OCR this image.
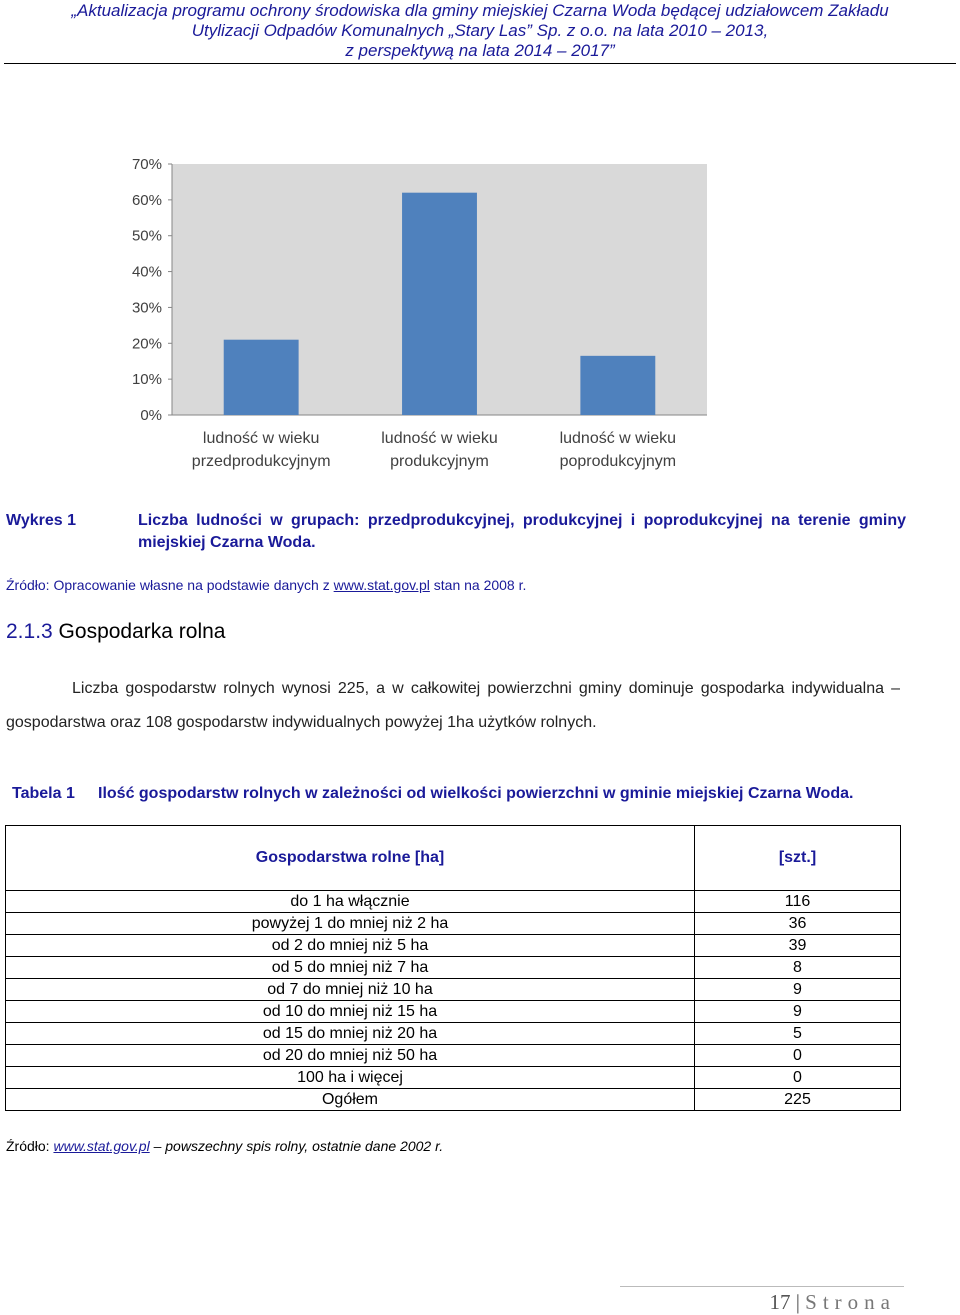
„Aktualizacja programu ochrony środowiska dla gminy miejskiej Czarna Woda będącej udziałowcem Zakładu
Utylizacji Odpadów Komunalnych „Stary Las” Sp. z o.o. na lata 2010 – 2013,
z perspektywą na lata 2014 – 2017”
0%
10%
20%
30%
40%
50%
60%
70%
ludność w wieku
przedprodukcyjnym
ludność w wieku
produkcyjnym
ludność w wieku
poprodukcyjnym
Wykres 1	Liczba ludności w grupach: przedprodukcyjnej, produkcyjnej i poprodukcyjnej na terenie gminy miejskiej Czarna Woda.
Źródło: Opracowanie własne na podstawie danych z www.stat.gov.pl stan na 2008 r.
2.1.3 Gospodarka rolna
Liczba gospodarstw rolnych wynosi 225, a w całkowitej powierzchni gminy dominuje gospodarka indywidualna – gospodarstwa oraz 108 gospodarstw indywidualnych powyżej 1ha użytków rolnych.
Tabela 1 Ilość gospodarstw rolnych w zależności od wielkości powierzchni w gminie miejskiej Czarna Woda.
Gospodarstwa rolne [ha]	[szt.]
do 1 ha włącznie	116
powyżej 1 do mniej niż 2 ha	36
od 2 do mniej niż 5 ha	39
od 5 do mniej niż 7 ha	8
od 7 do mniej niż 10 ha	9
od 10 do mniej niż 15 ha	9
od 15 do mniej niż 20 ha	5
od 20 do mniej niż 50 ha	0
100 ha i więcej	0
Ogółem	225
Źródło: www.stat.gov.pl – powszechny spis rolny, ostatnie dane 2002 r.
17 | Strona
